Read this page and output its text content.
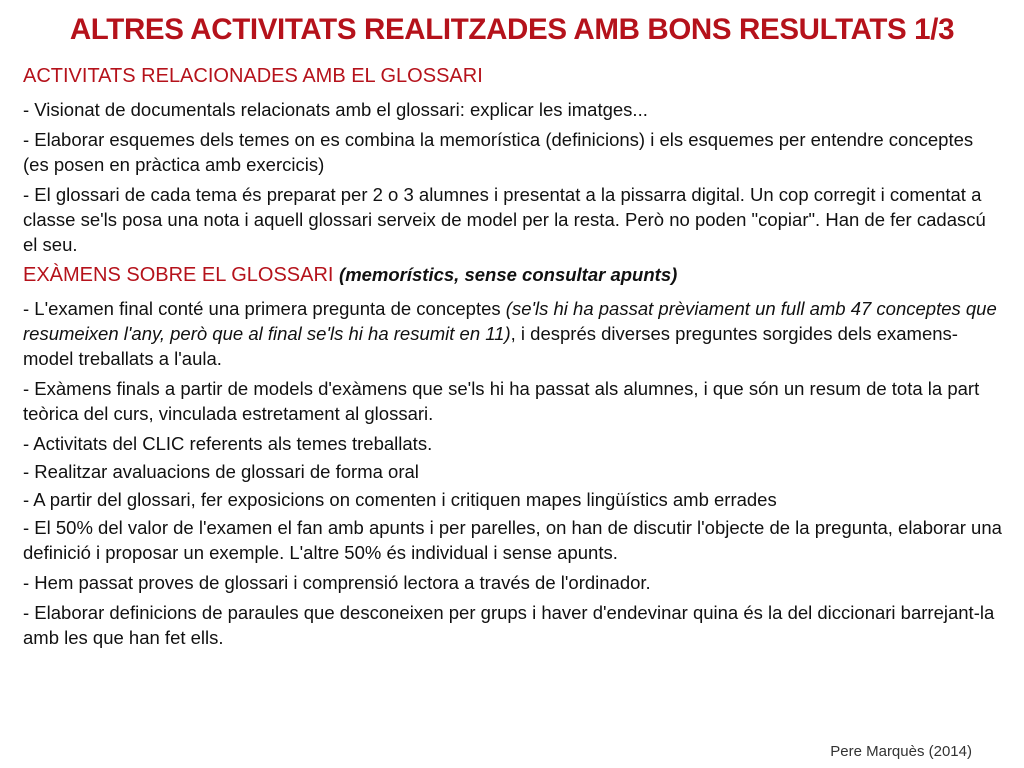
ALTRES ACTIVITATS REALITZADES AMB BONS RESULTATS 1/3
ACTIVITATS RELACIONADES AMB EL GLOSSARI
- Visionat de documentals relacionats amb el glossari: explicar les imatges...
- Elaborar esquemes dels temes on es combina la memorística (definicions) i els esquemes per entendre conceptes (es posen en pràctica amb exercicis)
- El glossari de cada tema és preparat per 2 o 3 alumnes i presentat a la pissarra digital. Un cop corregit i comentat a classe se'ls posa una nota i aquell glossari serveix de model per la resta. Però no poden "copiar". Han de fer cadascú el seu.
EXÀMENS SOBRE EL GLOSSARI (memorístics, sense consultar apunts)
- L'examen final conté una primera pregunta de conceptes (se'ls hi ha passat prèviament un full amb 47 conceptes que resumeixen l'any, però que al final se'ls hi ha resumit en 11), i després diverses preguntes sorgides dels examens-model treballats a l'aula.
- Exàmens finals a partir de models d'exàmens que se'ls hi ha passat als alumnes, i que són un resum de tota la part teòrica del curs, vinculada estretament al glossari.
- Activitats del CLIC referents als temes treballats.
- Realitzar avaluacions de glossari de forma oral
- A partir del glossari, fer exposicions on comenten i critiquen mapes lingüístics amb errades
- El 50% del valor de l'examen el fan amb apunts i per parelles, on han de discutir l'objecte de la pregunta, elaborar una definició i proposar un exemple. L'altre 50% és individual i sense apunts.
- Hem passat proves de glossari i comprensió lectora a través de l'ordinador.
- Elaborar definicions de paraules que desconeixen per grups i haver d'endevinar quina és la del diccionari barrejant-la amb les que han fet ells.
Pere Marquès (2014)
